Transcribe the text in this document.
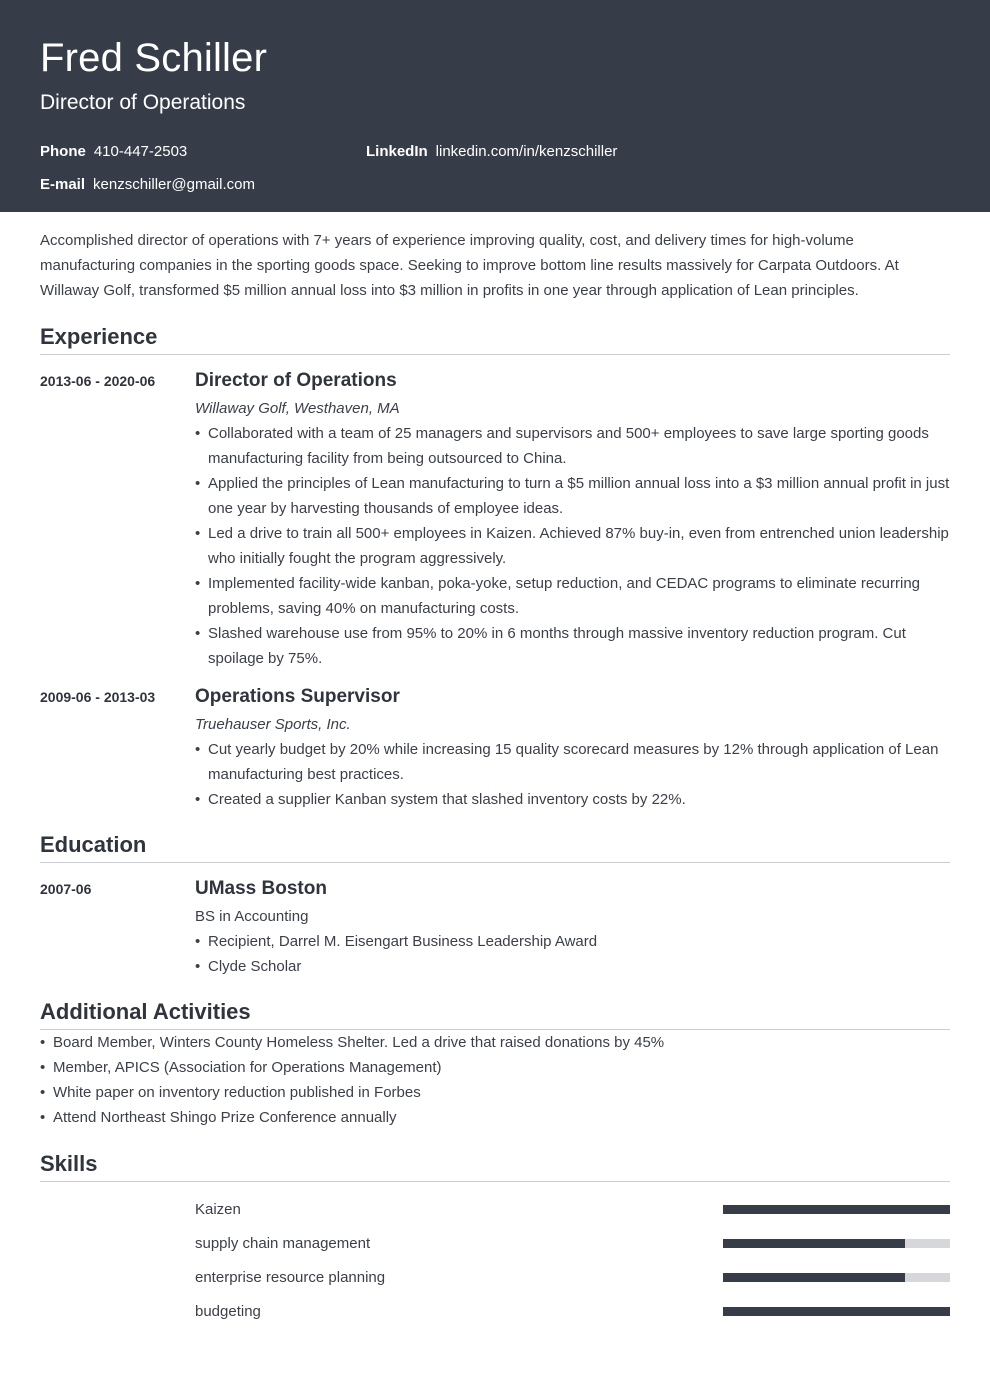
Fred Schiller
Director of Operations
Phone 410-447-2503	LinkedIn linkedin.com/in/kenzschiller
E-mail kenzschiller@gmail.com
Accomplished director of operations with 7+ years of experience improving quality, cost, and delivery times for high-volume manufacturing companies in the sporting goods space. Seeking to improve bottom line results massively for Carpata Outdoors. At Willaway Golf, transformed $5 million annual loss into $3 million in profits in one year through application of Lean principles.
Experience
2013-06 - 2020-06	Director of Operations
Willaway Golf, Westhaven, MA
• Collaborated with a team of 25 managers and supervisors and 500+ employees to save large sporting goods manufacturing facility from being outsourced to China.
• Applied the principles of Lean manufacturing to turn a $5 million annual loss into a $3 million annual profit in just one year by harvesting thousands of employee ideas.
• Led a drive to train all 500+ employees in Kaizen. Achieved 87% buy-in, even from entrenched union leadership who initially fought the program aggressively.
• Implemented facility-wide kanban, poka-yoke, setup reduction, and CEDAC programs to eliminate recurring problems, saving 40% on manufacturing costs.
• Slashed warehouse use from 95% to 20% in 6 months through massive inventory reduction program. Cut spoilage by 75%.
2009-06 - 2013-03	Operations Supervisor
Truehauser Sports, Inc.
• Cut yearly budget by 20% while increasing 15 quality scorecard measures by 12% through application of Lean manufacturing best practices.
• Created a supplier Kanban system that slashed inventory costs by 22%.
Education
2007-06	UMass Boston
BS in Accounting
• Recipient, Darrel M. Eisengart Business Leadership Award
• Clyde Scholar
Additional Activities
• Board Member, Winters County Homeless Shelter. Led a drive that raised donations by 45%
• Member, APICS (Association for Operations Management)
• White paper on inventory reduction published in Forbes
• Attend Northeast Shingo Prize Conference annually
Skills
Kaizen
supply chain management
enterprise resource planning
budgeting
